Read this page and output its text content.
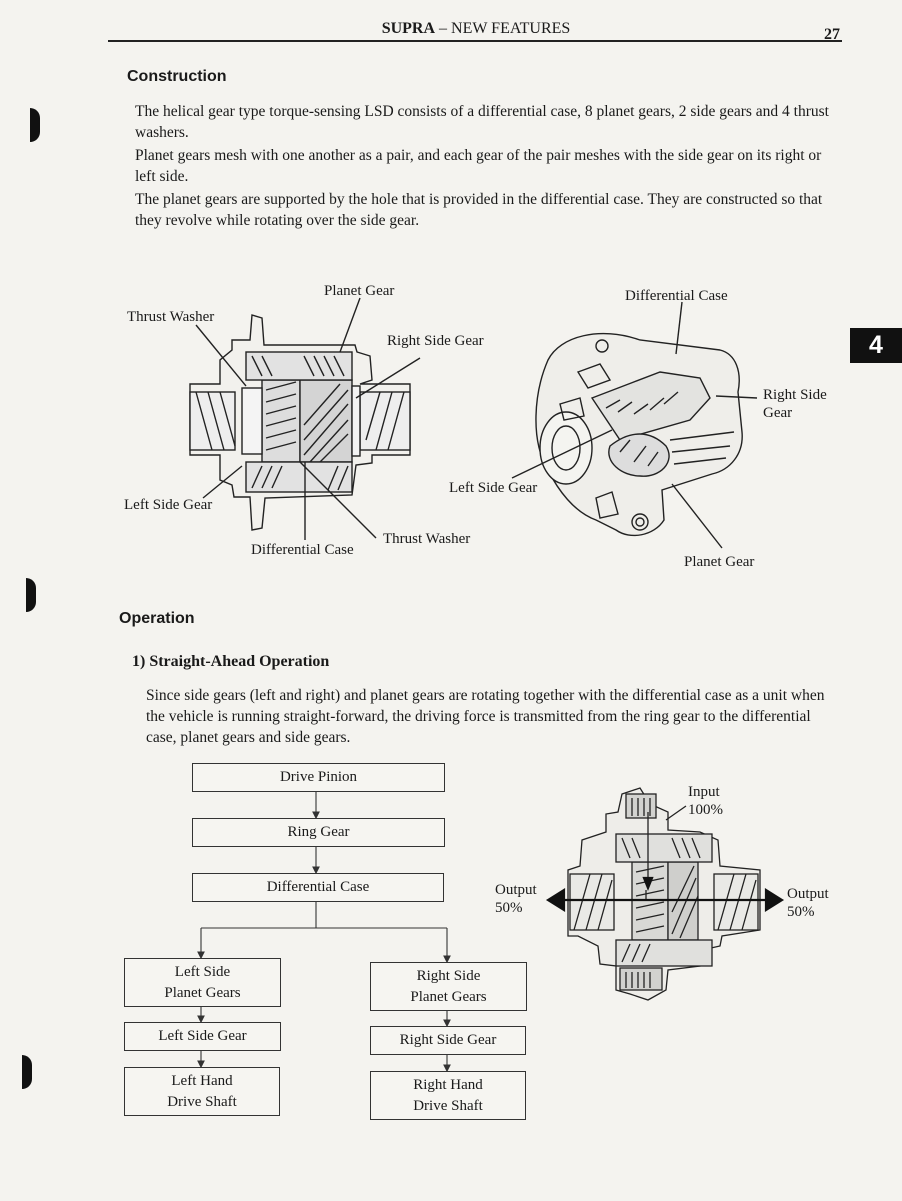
SUPRA – NEW FEATURES	27
4
Construction

The helical gear type torque-sensing LSD consists of a differential case, 8 planet gears, 2 side gears and 4 thrust washers.

Planet gears mesh with one another as a pair, and each gear of the pair meshes with the side gear on its right or left side.

The planet gears are supported by the hole that is provided in the differential case. They are constructed so that they revolve while rotating over the side gear.

Planet Gear
Thrust Washer
Right Side Gear
Left Side Gear
Differential Case
Thrust Washer
Differential Case
Right Side
Gear
Left Side Gear
Planet Gear
Operation
1) Straight-Ahead Operation

Since side gears (left and right) and planet gears are rotating together with the differential case as a unit when the vehicle is running straight-forward, the driving force is transmitted from the ring gear to the differential case, planet gears and side gears.

Drive Pinion
Ring Gear
Differential Case
Left Side
Planet Gears
Right Side
Planet Gears
Left Side Gear	Right Side Gear
Left Hand
Drive Shaft
Right Hand
Drive Shaft
Input
100%
Output
50%
Output
50%
